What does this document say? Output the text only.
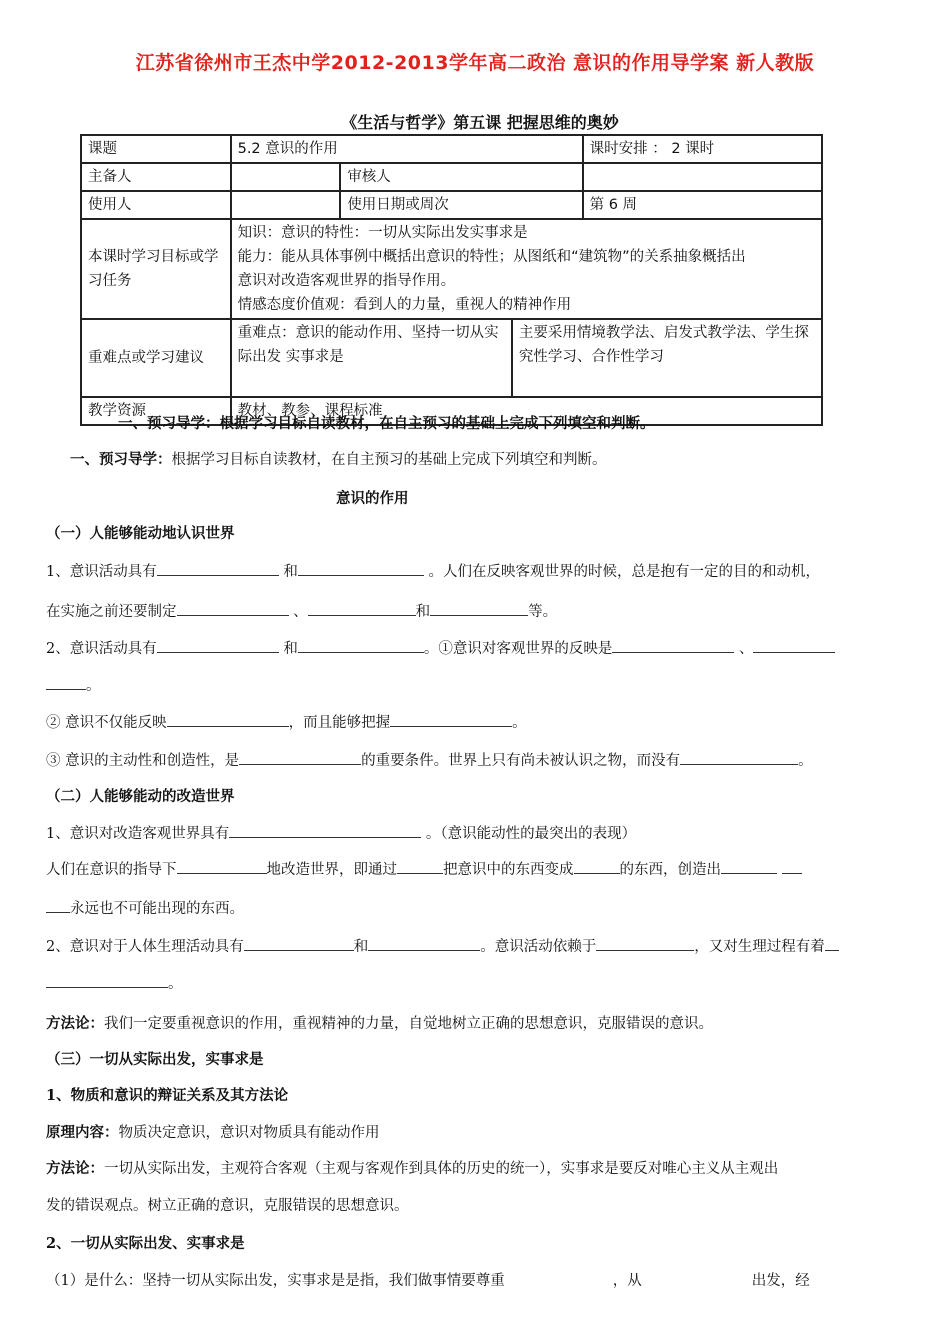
江苏省徐州市王杰中学2012-2013学年高二政治 意识的作用导学案 新人教版
《生活与哲学》第五课 把握思维的奥妙
课题	5.2 意识的作用			课时安排 ： 2 课时
主备人		审核人		
使用人		使用日期或周次		第 6 周
本课时学习目标或学习任务	知识：意识的特性：一切从实际出发实事求是
能力：能从具体事例中概括出意识的特性；从图纸和“建筑物”的关系抽象概括出
意识对改造客观世界的指导作用。
情感态度价值观：看到人的力量，重视人的精神作用			

重难点或学习建议	重难点：意识的能动作用、坚持一切从实际出发 实事求是		主要采用情境教学法、启发式教学法、学生探究性学习、合作性学习	
教学资源	教材、教参、课程标准			
一、预习导学：根据学习目标自读教材，在自主预习的基础上完成下列填空和判断。

一、预习导学：根据学习目标自读教材，在自主预习的基础上完成下列填空和判断。

意识的作用

（一）人能够能动地认识世界

1、意识活动具有	和	。人们在反映客观世界的时候，总是抱有一定的目的和动机，

在实施之前还要制定	、	和	等。

2、意识活动具有	和	。①意识对客观世界的反映是	、

。

② 意识不仅能反映	，而且能够把握	。

③ 意识的主动性和创造性，是	的重要条件。世界上只有尚未被认识之物，而没有	。

（二）人能够能动的改造世界

1、意识对改造客观世界具有	。（意识能动性的最突出的表现）

人们在意识的指导下	地改造世界，即通过	把意识中的东西变成	的东西，创造出

永远也不可能出现的东西。

2、意识对于人体生理活动具有	和	。意识活动依赖于	，又对生理过程有着

。

方法论：我们一定要重视意识的作用，重视精神的力量，自觉地树立正确的思想意识，克服错误的意识。

（三）一切从实际出发，实事求是

1、物质和意识的辩证关系及其方法论

原理内容：物质决定意识，意识对物质具有能动作用

方法论：一切从实际出发，主观符合客观（主观与客观作到具体的历史的统一），实事求是要反对唯心主义从主观出

发的错误观点。树立正确的意识，克服错误的思想意识。

2、一切从实际出发、实事求是

（1）是什么：坚持一切从实际出发，实事求是是指，我们做事情要尊重	，从	出发，经
